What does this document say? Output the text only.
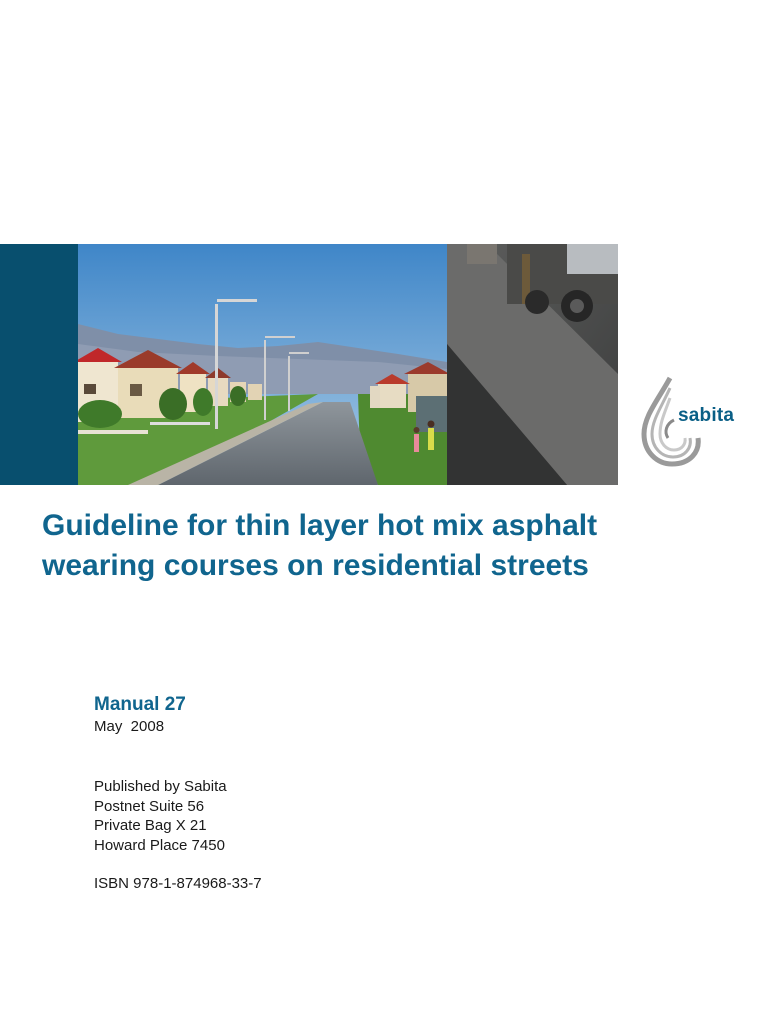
sabita
Guideline for thin layer hot mix asphalt
wearing courses on residential streets
Manual 27
May  2008
Published by Sabita
Postnet Suite 56
Private Bag X 21
Howard Place 7450
ISBN 978-1-874968-33-7
